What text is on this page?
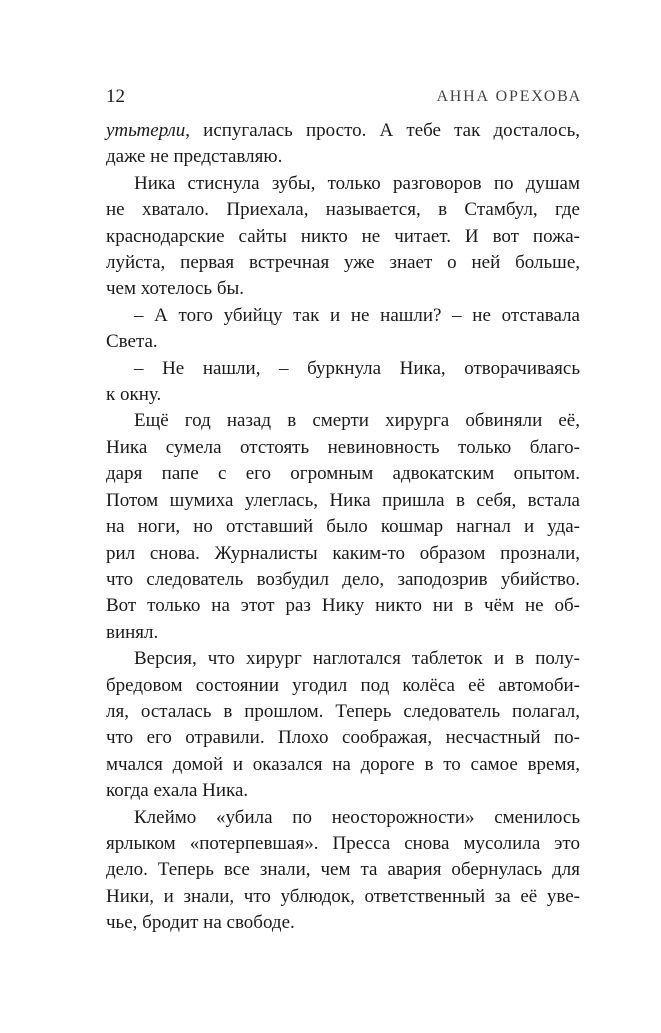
12	АННА ОРЕХОВА
утьтерли, испугалась просто. А тебе так досталось,
даже не представляю.
Ника стиснула зубы, только разговоров по душам
не хватало. Приехала, называется, в Стамбул, где
краснодарские сайты никто не читает. И вот пожа-
луйста, первая встречная уже знает о ней больше,
чем хотелось бы.
– А того убийцу так и не нашли? – не отставала
Света.
– Не нашли, – буркнула Ника, отворачиваясь
к окну.
Ещё год назад в смерти хирурга обвиняли её,
Ника сумела отстоять невиновность только благо-
даря папе с его огромным адвокатским опытом.
Потом шумиха улеглась, Ника пришла в себя, встала
на ноги, но отставший было кошмар нагнал и уда-
рил снова. Журналисты каким-то образом прознали,
что следователь возбудил дело, заподозрив убийство.
Вот только на этот раз Нику никто ни в чём не об-
винял.
Версия, что хирург наглотался таблеток и в полу-
бредовом состоянии угодил под колёса её автомоби-
ля, осталась в прошлом. Теперь следователь полагал,
что его отравили. Плохо соображая, несчастный по-
мчался домой и оказался на дороге в то самое время,
когда ехала Ника.
Клеймо «убила по неосторожности» сменилось
ярлыком «потерпевшая». Пресса снова мусолила это
дело. Теперь все знали, чем та авария обернулась для
Ники, и знали, что ублюдок, ответственный за её уве-
чье, бродит на свободе.
